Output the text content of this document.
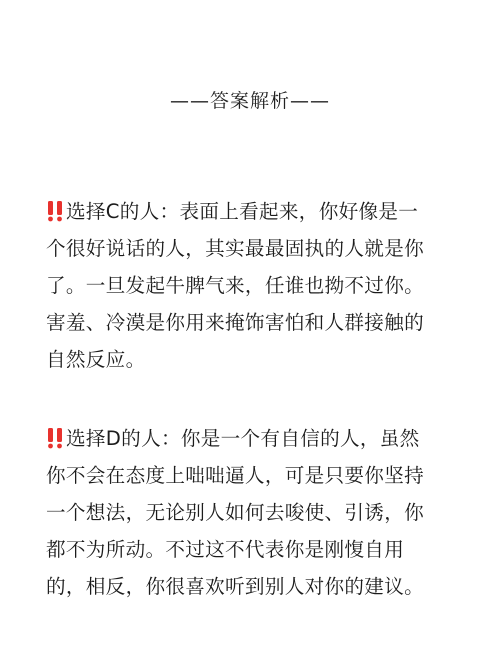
——答案解析——
选择C的人：表面上看起来，你好像是一
个很好说话的人，其实最最固执的人就是你
了。一旦发起牛脾气来，任谁也拗不过你。
害羞、冷漠是你用来掩饰害怕和人群接触的
自然反应。
选择D的人：你是一个有自信的人，虽然
你不会在态度上咄咄逼人，可是只要你坚持
一个想法，无论别人如何去唆使、引诱，你
都不为所动。不过这不代表你是刚愎自用
的，相反，你很喜欢听到别人对你的建议。
